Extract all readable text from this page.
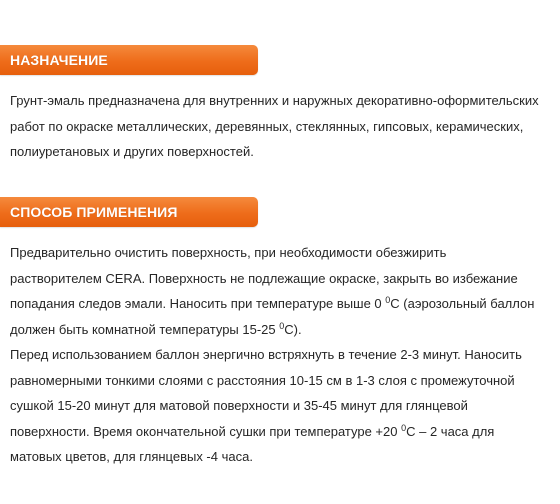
НАЗНАЧЕНИЕ
Грунт-эмаль предназначена для внутренних и наружных декоративно-оформительских
работ по окраске металлических, деревянных, стеклянных, гипсовых, керамических,
полиуретановых и других поверхностей.
СПОСОБ ПРИМЕНЕНИЯ
Предварительно очистить поверхность, при необходимости обезжирить
растворителем CERA. Поверхность не подлежащие окраске, закрыть во избежание
попадания следов эмали. Наносить при температуре выше 0 $^0$С (аэрозольный баллон
должен быть комнатной температуры 15-25 $^0$С).
Перед использованием баллон энергично встряхнуть в течение 2-3 минут. Наносить
равномерными тонкими слоями с расстояния 10-15 см в 1-3 слоя с промежуточной
сушкой 15-20 минут для матовой поверхности и 35-45 минут для глянцевой
поверхности. Время окончательной сушки при температуре +20 $^0$С – 2 часа для
матовых цветов, для глянцевых -4 часа.
